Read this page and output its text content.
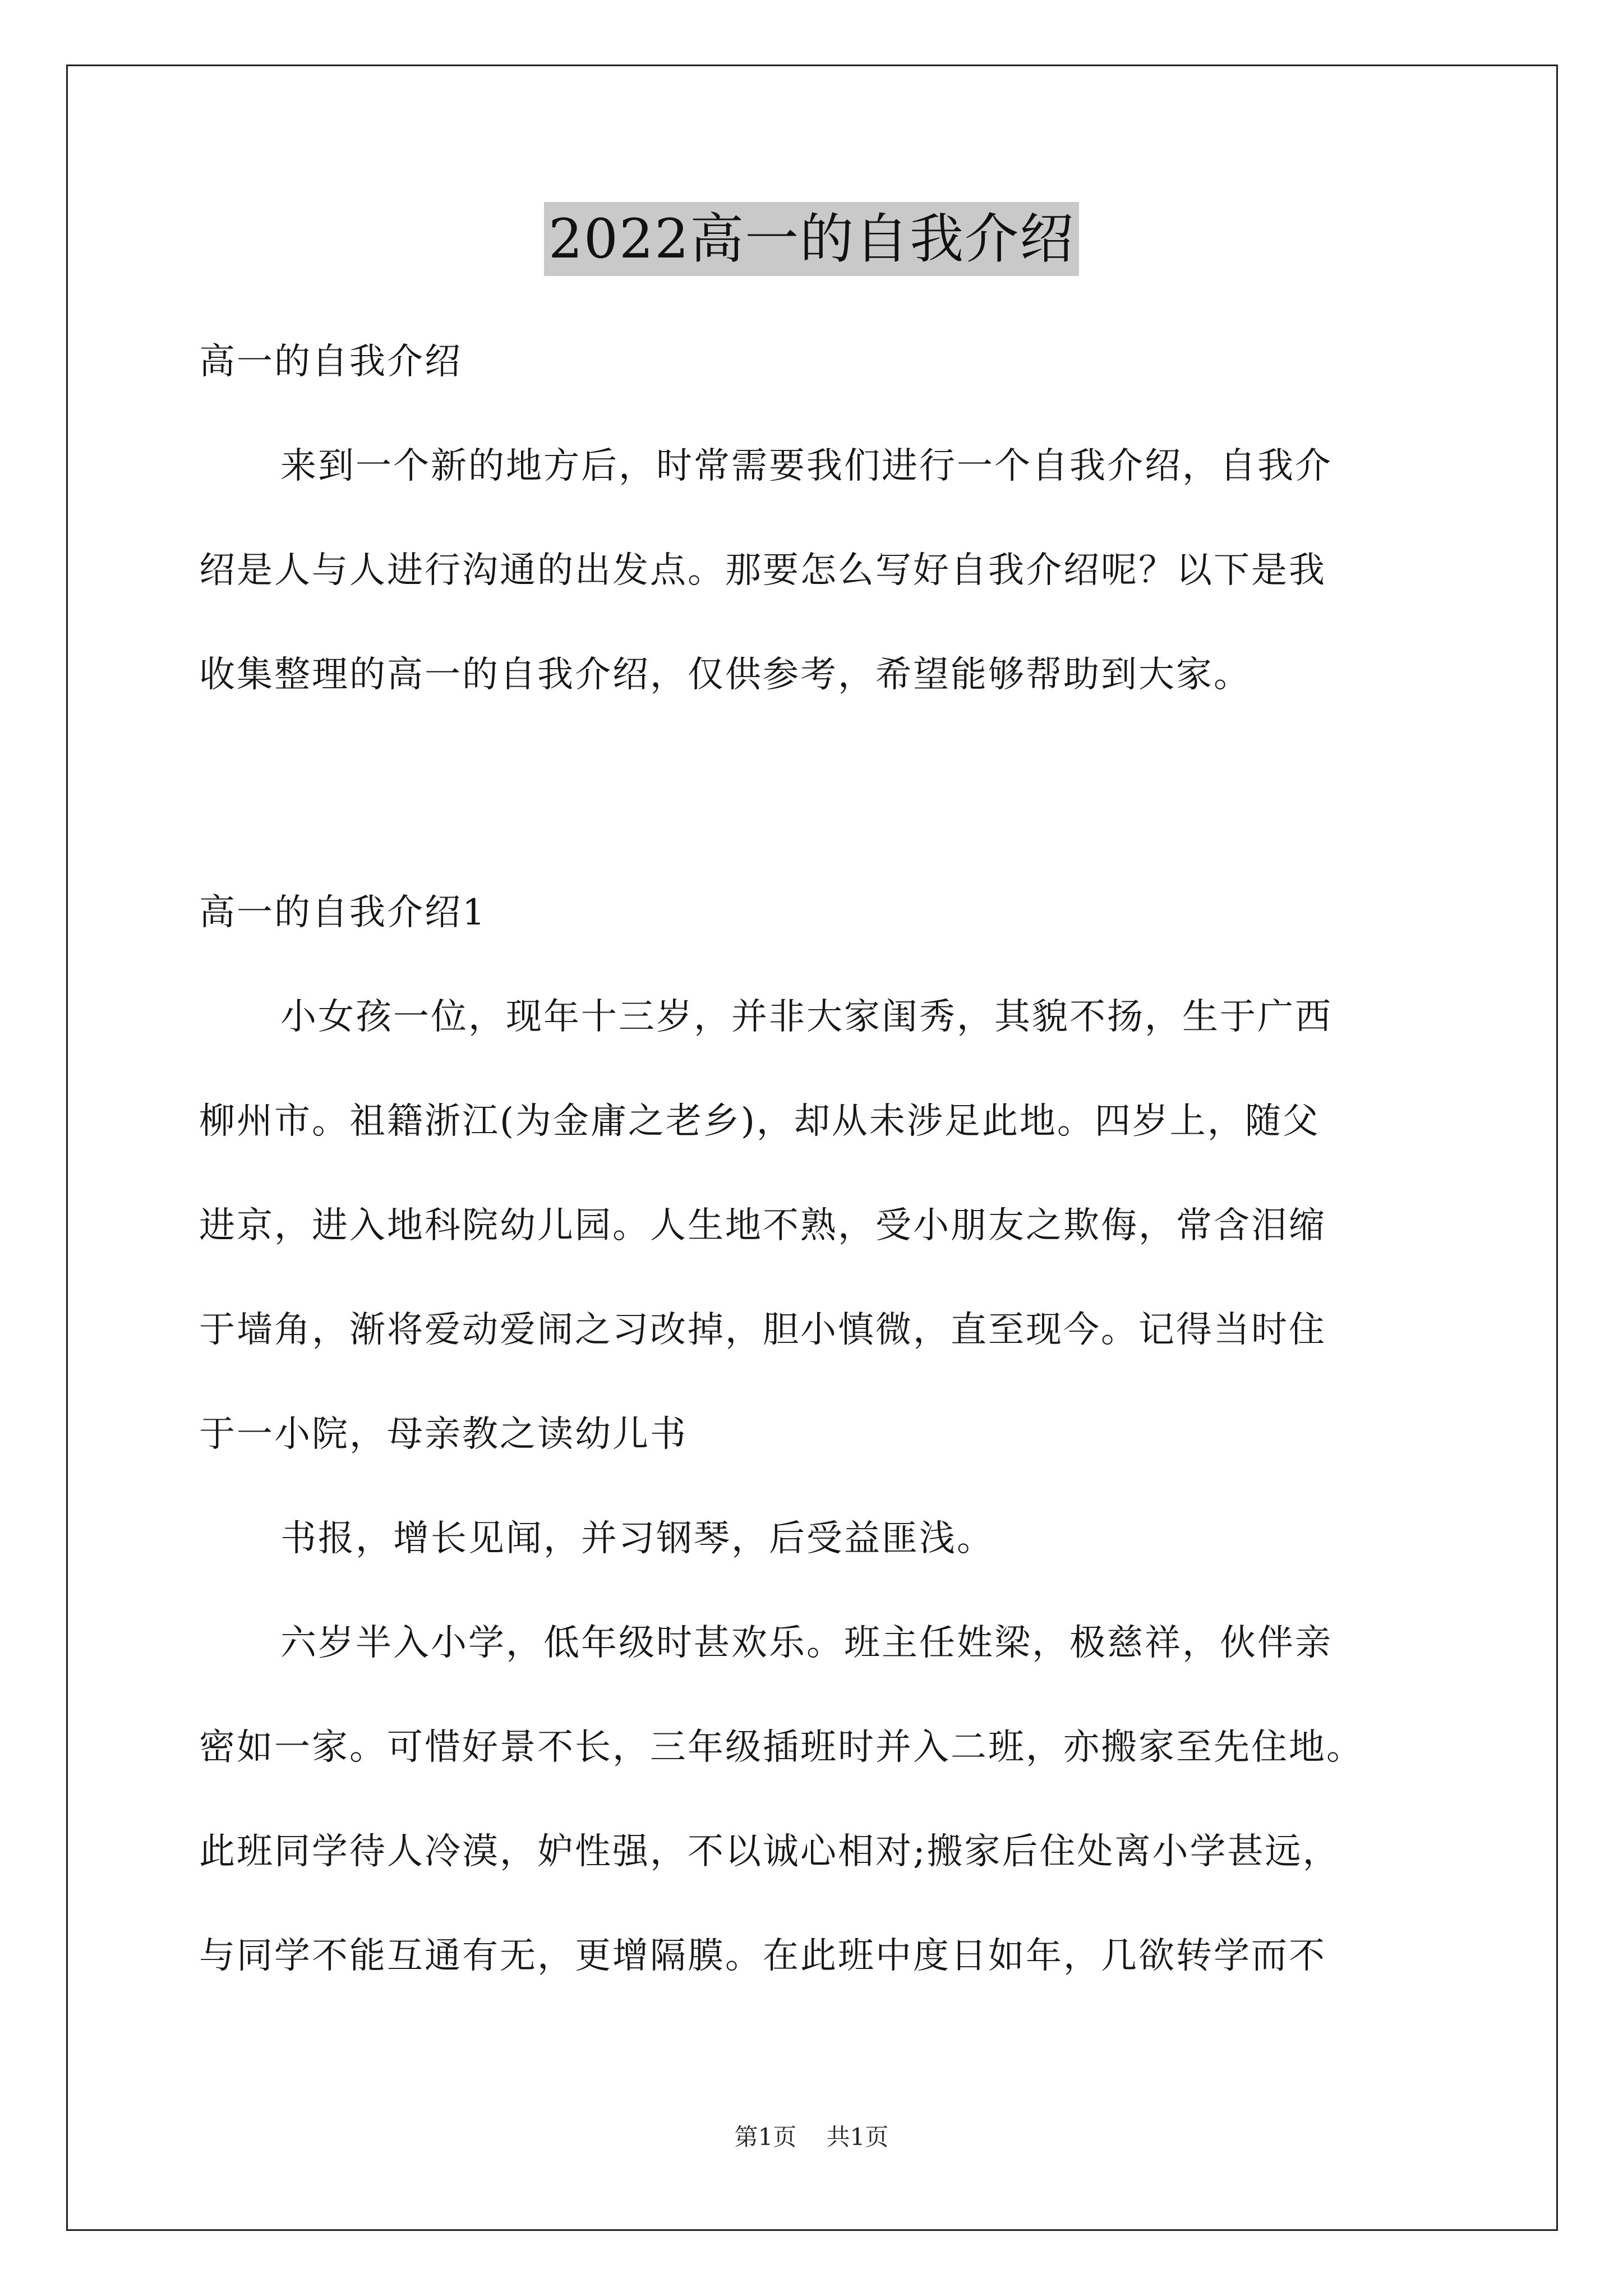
2022高一的自我介绍
高一的自我介绍
来到一个新的地方后，时常需要我们进行一个自我介绍，自我介
绍是人与人进行沟通的出发点。那要怎么写好自我介绍呢？以下是我
收集整理的高一的自我介绍，仅供参考，希望能够帮助到大家。
高一的自我介绍1
小女孩一位，现年十三岁，并非大家闺秀，其貌不扬，生于广西
柳州市。祖籍浙江(为金庸之老乡)，却从未涉足此地。四岁上，随父
进京，进入地科院幼儿园。人生地不熟，受小朋友之欺侮，常含泪缩
于墙角，渐将爱动爱闹之习改掉，胆小慎微，直至现今。记得当时住
于一小院，母亲教之读幼儿书
书报，增长见闻，并习钢琴，后受益匪浅。
六岁半入小学，低年级时甚欢乐。班主任姓梁，极慈祥，伙伴亲
密如一家。可惜好景不长，三年级插班时并入二班，亦搬家至先住地。
此班同学待人冷漠，妒性强，不以诚心相对;搬家后住处离小学甚远，
与同学不能互通有无，更增隔膜。在此班中度日如年，几欲转学而不
第1页    共1页
